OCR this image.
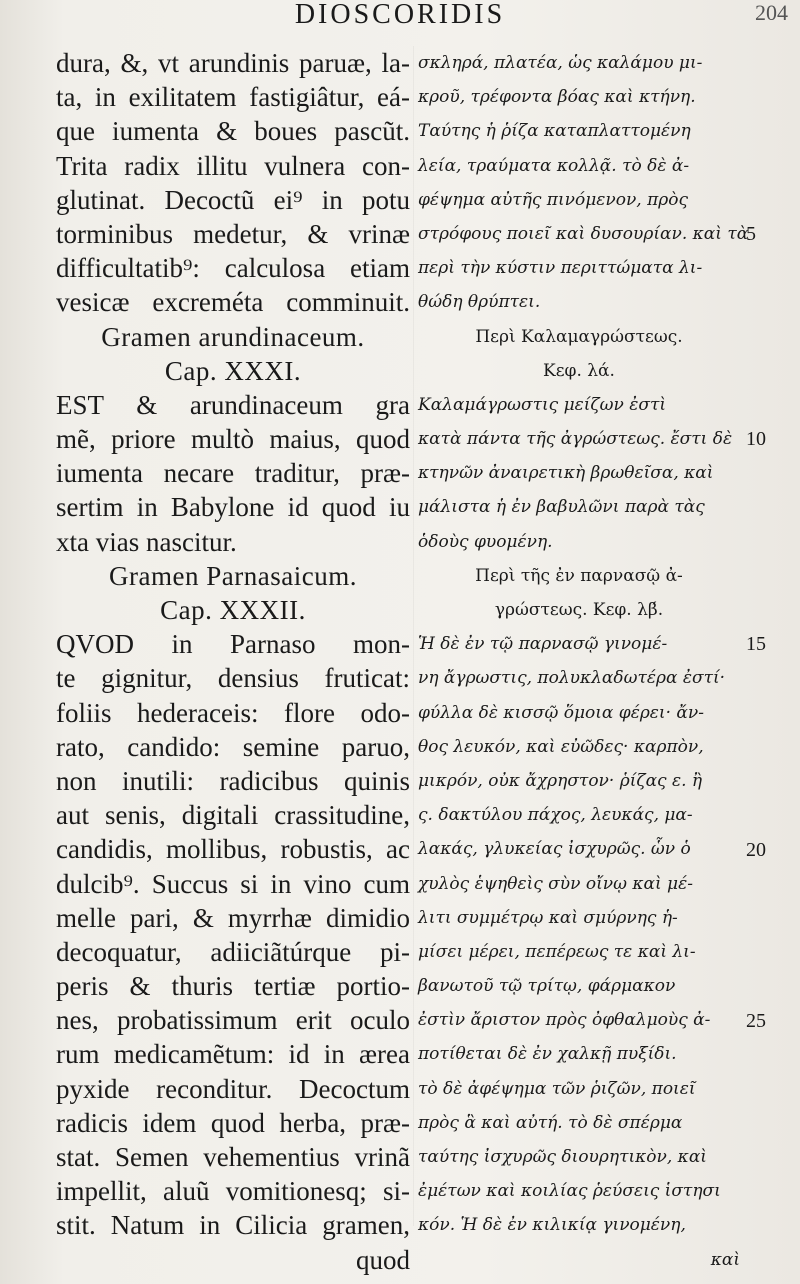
DIOSCORIDIS	204
dura, &, vt arundinis paruæ, la-
ta, in exilitatem fastigiâtur, eá-
que iumenta & boues pascũt.
Trita radix illitu vulnera con-
glutinat. Decoctũ ei⁹ in potu
torminibus medetur, & vrinæ
difficultatib⁹: calculosa etiam
vesicæ excreméta comminuit.
Gramen arundinaceum.
Cap. XXXI.
EST & arundinaceum gra
mẽ, priore multò maius, quod
iumenta necare traditur, præ-
sertim in Babylone id quod iu
xta vias nascitur.
Gramen Parnasaicum.
Cap. XXXII.
QVOD in Parnaso mon-
te gignitur, densius fruticat:
foliis hederaceis: flore odo-
rato, candido: semine paruo,
non inutili: radicibus quinis
aut senis, digitali crassitudine,
candidis, mollibus, robustis, ac
dulcib⁹. Succus si in vino cum
melle pari, & myrrhæ dimidio
decoquatur, adiiciãtúrque pi-
peris & thuris tertiæ portio-
nes, probatissimum erit oculo
rum medicamẽtum: id in ærea
pyxide reconditur. Decoctum
radicis idem quod herba, præ-
stat. Semen vehementius vrinã
impellit, aluũ vomitionesq; si-
stit. Natum in Cilicia gramen,
quod
σκληρά, πλατέα, ὡς καλάμου μι-
κροῦ, τρέφοντα βόας καὶ κτήνη.
Ταύτης ἡ ῥίζα καταπλαττομένη
λεία, τραύματα κολλᾷ. τὸ δὲ ἀ-
φέψημα αὐτῆς πινόμενον, πρὸς
στρόφους ποιεῖ καὶ δυσουρίαν. καὶ τὰ
περὶ τὴν κύστιν περιττώματα λι-
θώδη θρύπτει.
Περὶ Καλαμαγρώστεως.
Κεφ. λά.
Καλαμάγρωστις μείζων ἐστὶ
κατὰ πάντα τῆς ἀγρώστεως. ἔστι δὲ
κτηνῶν ἀναιρετικὴ βρωθεῖσα, καὶ
μάλιστα ἡ ἐν βαβυλῶνι παρὰ τὰς
ὁδοὺς φυομένη.
Περὶ τῆς ἐν παρνασῷ ἀ-
γρώστεως. Κεφ. λβ́.
Ἡ δὲ ἐν τῷ παρνασῷ γινομέ-
νη ἄγρωστις, πολυκλαδωτέρα ἐστί·
φύλλα δὲ κισσῷ ὅμοια φέρει· ἄν-
θος λευκόν, καὶ εὐῶδες· καρπὸν,
μικρόν, οὐκ ἄχρηστον· ῥίζας ε. ἢ
ς. δακτύλου πάχος, λευκάς, μα-
λακάς, γλυκείας ἰσχυρῶς. ὧν ὁ
χυλὸς ἑψηθεὶς σὺν οἴνῳ καὶ μέ-
λιτι συμμέτρῳ καὶ σμύρνης ἡ-
μίσει μέρει, πεπέρεως τε καὶ λι-
βανωτοῦ τῷ τρίτῳ, φάρμακον
ἐστὶν ἄριστον πρὸς ὀφθαλμοὺς ἀ-
ποτίθεται δὲ ἐν χαλκῇ πυξίδι.
τὸ δὲ ἀφέψημα τῶν ῥιζῶν, ποιεῖ
πρὸς ἃ καὶ αὐτή. τὸ δὲ σπέρμα
ταύτης ἰσχυρῶς διουρητικὸν, καὶ
ἐμέτων καὶ κοιλίας ῥεύσεις ἱστησι
κόν. Ἡ δὲ ἐν κιλικίᾳ γινομένη,
καὶ
5
10
15
20
25
